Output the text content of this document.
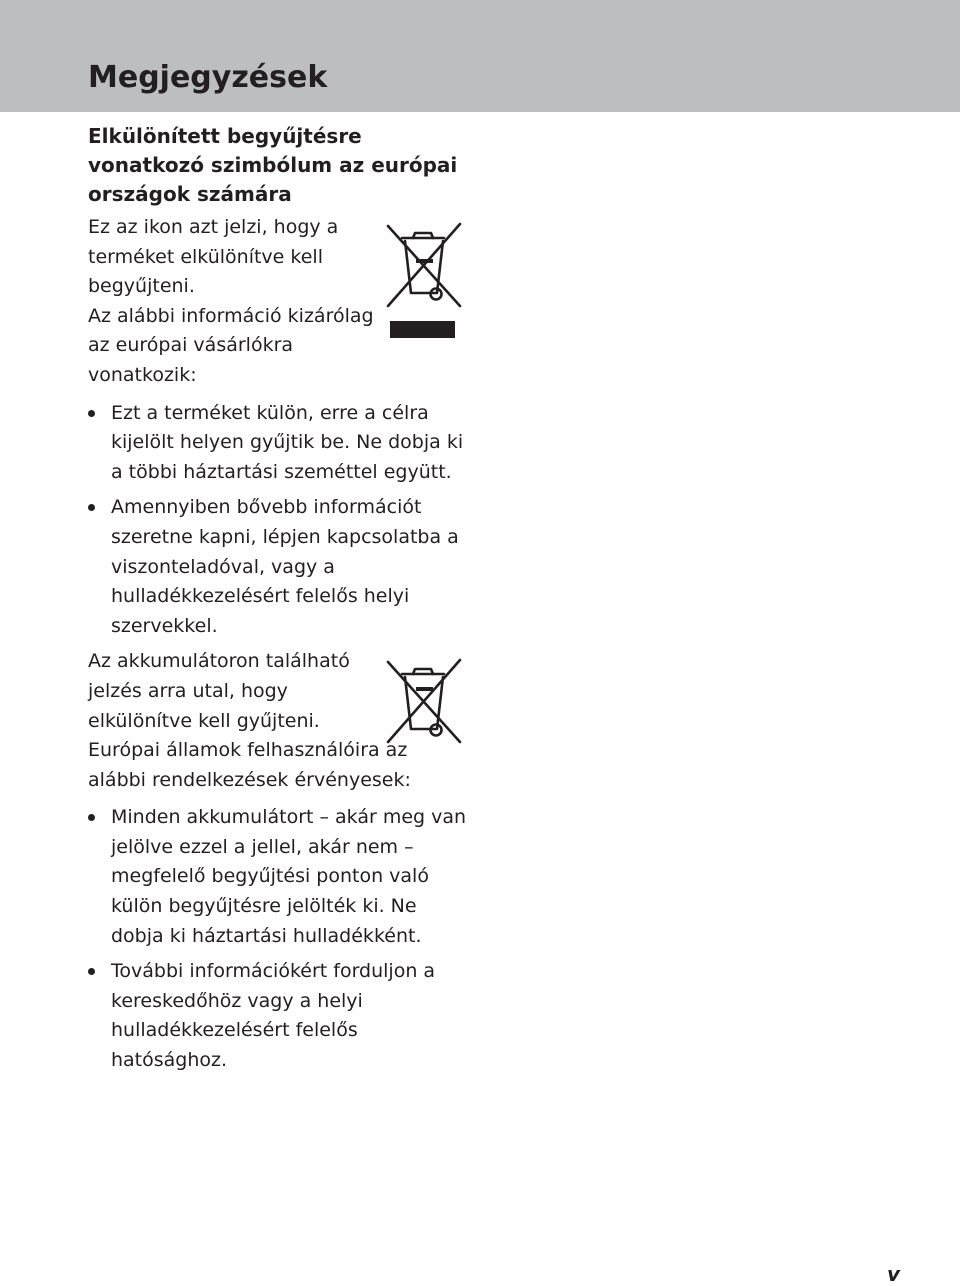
Megjegyzések
Elkülönített begyűjtésre vonatkozó szimbólum az európai országok számára

Ez az ikon azt jelzi, hogy a terméket elkülönítve kell begyűjteni.

Az alábbi információ kizárólag az európai vásárlókra vonatkozik:

Ezt a terméket külön, erre a célra kijelölt helyen gyűjtik be. Ne dobja ki a többi háztartási szeméttel együtt.
Amennyiben bővebb információt szeretne kapni, lépjen kapcsolatba a viszonteladóval, vagy a hulladékkezelésért felelős helyi szervekkel.

Az akkumulátoron található jelzés arra utal, hogy elkülönítve kell gyűjteni.

Európai államok felhasználóira az alábbi rendelkezések érvényesek:

Minden akkumulátort – akár meg van jelölve ezzel a jellel, akár nem – megfelelő begyűjtési ponton való külön begyűjtésre jelölték ki. Ne dobja ki háztartási hulladékként.
További információkért forduljon a kereskedőhöz vagy a helyi hulladékkezelésért felelős hatósághoz.
v
